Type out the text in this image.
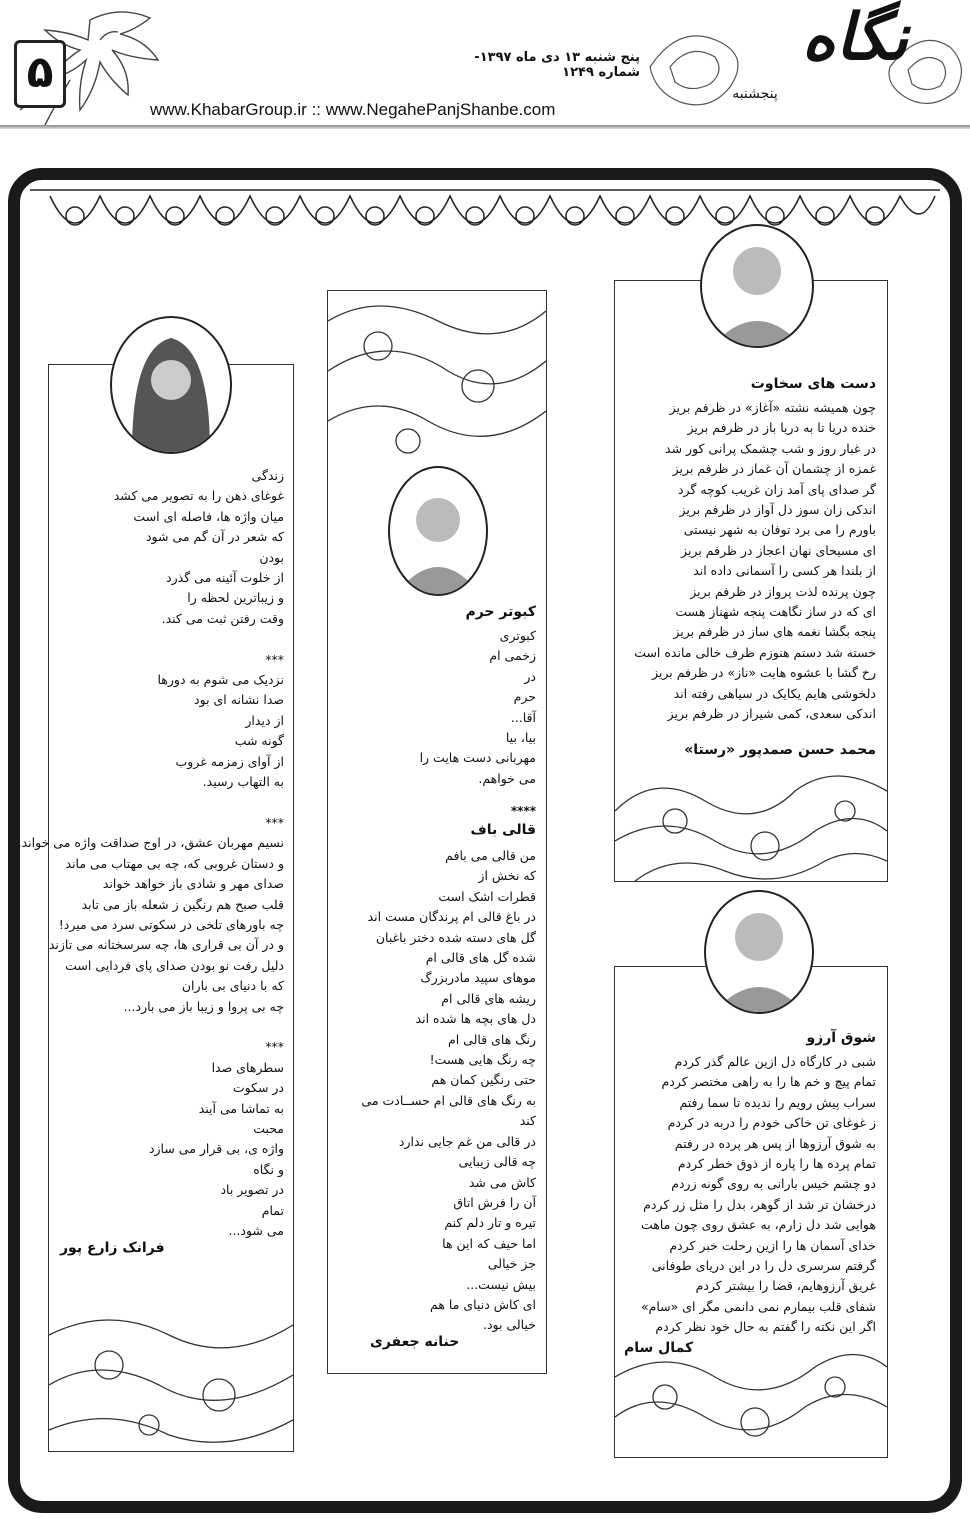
۵	پنج شنبه ۱۳ دی ماه ۱۳۹۷- شماره ۱۲۴۹
www.KhabarGroup.ir :: www.NegahePanjShanbe.com
نگاه
پنجشنبه
دست های سخاوت
چون همیشه نشته «آغاز» در ظرفم بریز
خنده دریا تا به دریا باز در ظرفم بریز
در غبار روز و شب چشمک پرانی کور شد
غمزه از چشمان آن غماز در ظرفم بریز
گر صدای پای آمد زان غریب کوچه گرد
اندکی زان سوز دل آواز در ظرفم بریز
باورم را می برد توفان به شهر نیستی
ای مسیحای نهان اعجاز در ظرفم بریز
از بلندا هر کسی را آسمانی داده اند
چون پرنده لذت پرواز در ظرفم بریز
ای که در ساز نگاهت پنجه شهناز هست
پنجه بگشا نغمه های ساز در ظرفم بریز
خسته شد دستم هنوزم ظرف خالی مانده است
رخ گشا با عشوه هایت «ناز» در ظرفم بریز
دلخوشی هایم یکایک در سیاهی رفته اند
اندکی سعدی، کمی شیراز در ظرفم بریز
محمد حسن صمدپور «رستا»
شوق آرزو
شبی در کارگاه دل ازین عالم گذر کردم
تمام پیچ و خم ها را به راهی مختصر کردم
سراب پیش رویم را ندیده تا سما رفتم
ز غوغای تن خاکی خودم را دربه در کردم
به شوق آرزوها از پس هر پرده در رفتم
تمام پرده ها را پاره از ذوق خطر کردم
دو چشم خیس بارانی به روی گونه زردم
درخشان تر شد از گوهر، بدل را مثل زر کردم
هوایی شد دل زارم، به عشق روی چون ماهت
خدای آسمان ها را ازین رحلت خبر کردم
گرفتم سرسری دل را در این دریای طوفانی
غریق آرزوهایم، قضا را بیشتر کردم
شفای قلب بیمارم نمی دانمی مگر ای «سام»
اگر این نکته را گفتم به حال خود نظر کردم
کمال سام
کبوتر حرم
کبوتری
زخمی ام
در
حرم
آقا...
بیا، بیا
مهربانی دست هایت را
می خواهم.
****
قالی باف
من قالی می بافم
که نخش از
قطرات اشک است
در باغ قالی ام پرندگان مست اند
گل های دسته شده دختر باغبان
شده گل های قالی ام
موهای سپید مادربزرگ
ریشه های قالی ام
دل های بچه ها شده اند
رنگ های قالی ام
چه رنگ هایی هست!
حتی رنگین کمان هم
به رنگ های قالی ام حســادت می
کند
در قالی من غم جایی ندارد
چه قالی زیبایی
کاش می شد
آن را فرش اتاق
تیره و تار دلم کنم
اما حیف که این ها
جز خیالی
بیش نیست...
ای کاش دنیای ما هم
خیالی بود.
حنانه جعفری
زندگی
غوغای ذهن را به تصویر می کشد
میان واژه ها، فاصله ای است
که شعر در آن گم می شود
بودن
از خلوت آئینه می گذرد
و زیباترین لحظه را
وقت رفتن ثبت می کند.

***
نزدیک می شوم به دورها
صدا نشانه ای بود
از دیدار
گونه شب
از آوای زمزمه غروب
به التهاب رسید.

***
نسیم مهربان عشق، در اوج صداقت واژه می خواند...
و دستان غروبی که، چه بی مهتاب می ماند
صدای مهر و شادی باز خواهد خواند
قلب صبح هم رنگین ز شعله باز می تابد
چه باورهای تلخی در سکوتی سرد می میرد!
و در آن بی قراری ها، چه سرسختانه می تازند
دلیل رفت نو بودن صدای پای فردایی است
که با دنیای بی باران
چه بی پروا و زیبا باز می بارد...

***
سطرهای صدا
در سکوت
به تماشا می آیند
محبت
واژه ی، بی قرار می سازد
و نگاه
در تصویر باد
تمام
می شود...
فرانک زارع پور
